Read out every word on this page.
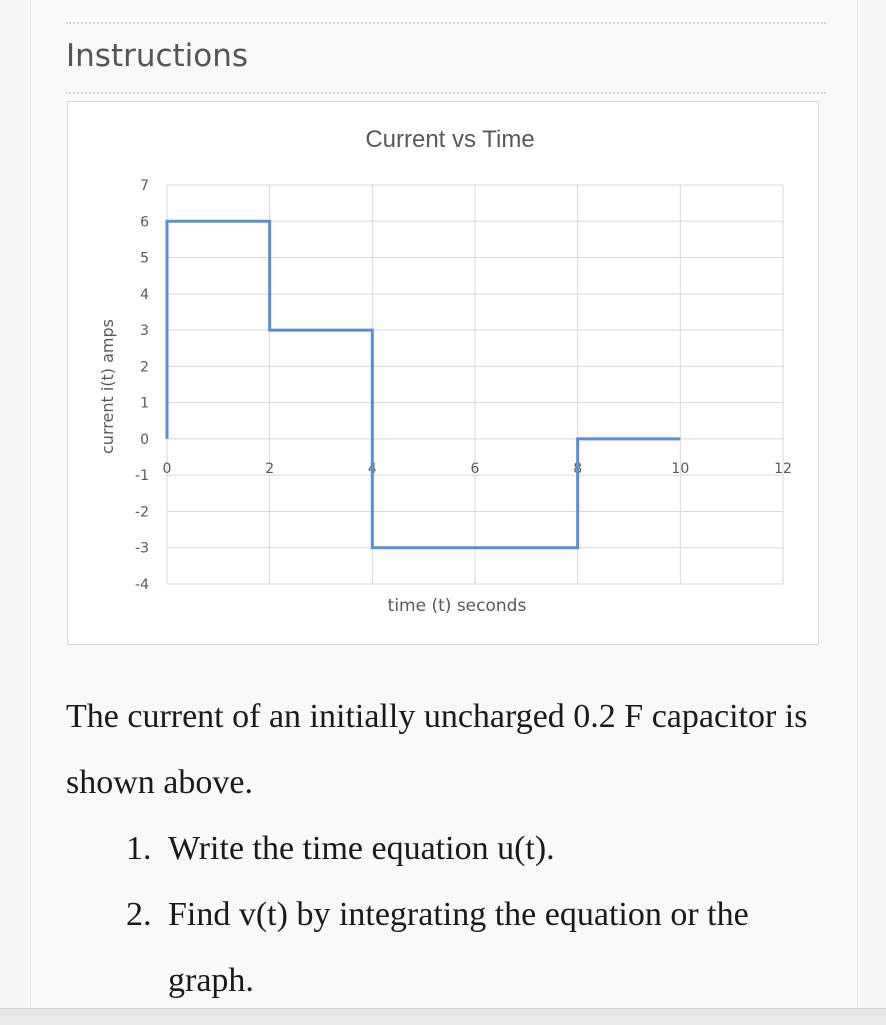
Instructions
Current vs Time
7
6
5
4
3
2
1
0
-1
-2
-3
-4
0	2	4	6	8	10	12
time (t) seconds
current i(t) amps
The current of an initially uncharged 0.2 F capacitor is shown above.
1. Write the time equation u(t).
2. Find v(t) by integrating the equation or the graph.
